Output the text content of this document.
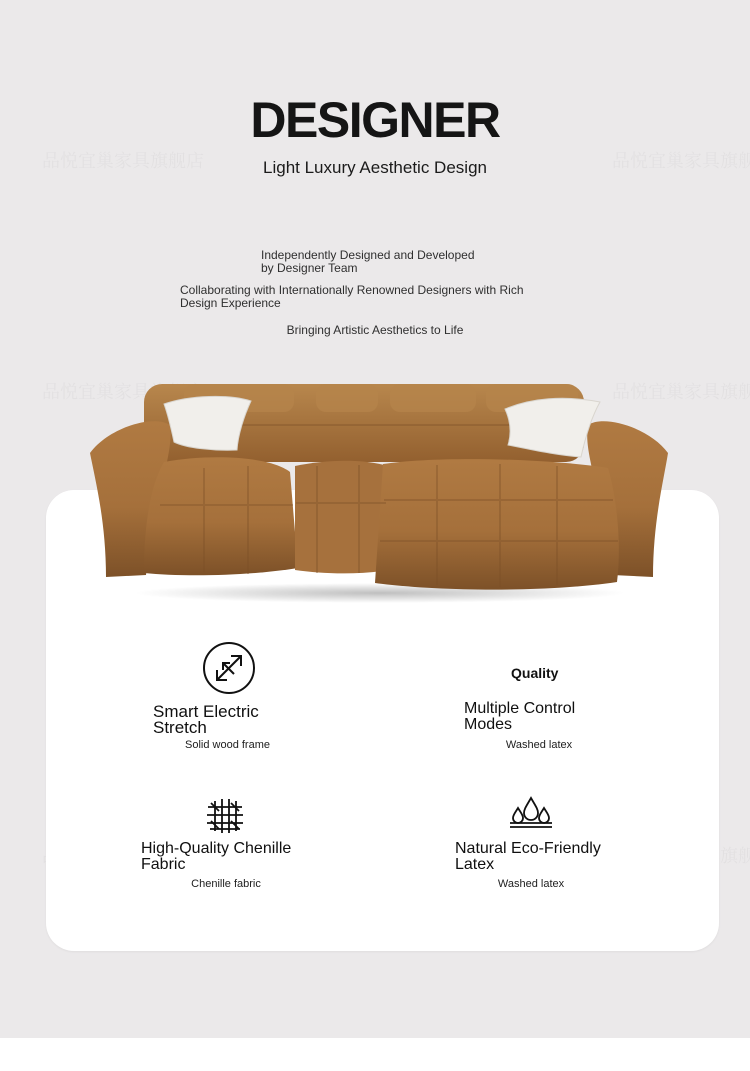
DESIGNER
Light Luxury Aesthetic Design
Independently Designed and Developed
by Designer Team
Collaborating with Internationally Renowned Designers with Rich
Design Experience
Bringing Artistic Aesthetics to Life
Smart Electric
Stretch
Solid wood frame
Quality
Multiple Control
Modes
Washed latex
High-Quality Chenille
Fabric
Chenille fabric
Natural Eco-Friendly
Latex
Washed latex
